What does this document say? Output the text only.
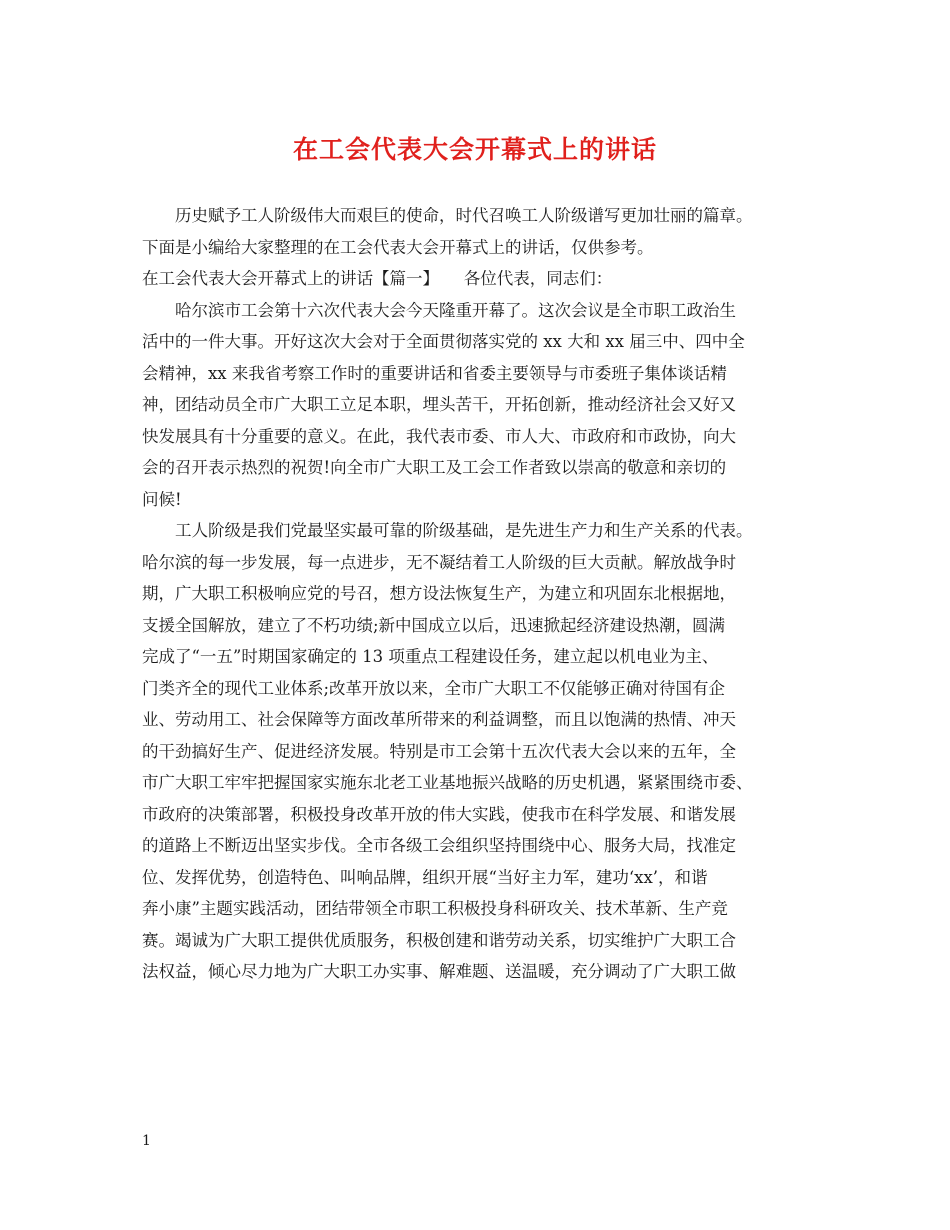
在工会代表大会开幕式上的讲话
历史赋予工人阶级伟大而艰巨的使命，时代召唤工人阶级谱写更加壮丽的篇章。
下面是小编给大家整理的在工会代表大会开幕式上的讲话，仅供参考。
在工会代表大会开幕式上的讲话【篇一】　　各位代表，同志们：
哈尔滨市工会第十六次代表大会今天隆重开幕了。这次会议是全市职工政治生
活中的一件大事。开好这次大会对于全面贯彻落实党的 xx 大和 xx 届三中、四中全
会精神，xx 来我省考察工作时的重要讲话和省委主要领导与市委班子集体谈话精
神，团结动员全市广大职工立足本职，埋头苦干，开拓创新，推动经济社会又好又
快发展具有十分重要的意义。在此，我代表市委、市人大、市政府和市政协，向大
会的召开表示热烈的祝贺!向全市广大职工及工会工作者致以崇高的敬意和亲切的
问候!
工人阶级是我们党最坚实最可靠的阶级基础，是先进生产力和生产关系的代表。
哈尔滨的每一步发展，每一点进步，无不凝结着工人阶级的巨大贡献。解放战争时
期，广大职工积极响应党的号召，想方设法恢复生产，为建立和巩固东北根据地，
支援全国解放，建立了不朽功绩;新中国成立以后，迅速掀起经济建设热潮，圆满
完成了“一五”时期国家确定的 13 项重点工程建设任务，建立起以机电业为主、
门类齐全的现代工业体系;改革开放以来，全市广大职工不仅能够正确对待国有企
业、劳动用工、社会保障等方面改革所带来的利益调整，而且以饱满的热情、冲天
的干劲搞好生产、促进经济发展。特别是市工会第十五次代表大会以来的五年，全
市广大职工牢牢把握国家实施东北老工业基地振兴战略的历史机遇，紧紧围绕市委、
市政府的决策部署，积极投身改革开放的伟大实践，使我市在科学发展、和谐发展
的道路上不断迈出坚实步伐。全市各级工会组织坚持围绕中心、服务大局，找准定
位、发挥优势，创造特色、叫响品牌，组织开展“当好主力军，建功‘xx’，和谐
奔小康”主题实践活动，团结带领全市职工积极投身科研攻关、技术革新、生产竞
赛。竭诚为广大职工提供优质服务，积极创建和谐劳动关系，切实维护广大职工合
法权益，倾心尽力地为广大职工办实事、解难题、送温暖，充分调动了广大职工做
1
